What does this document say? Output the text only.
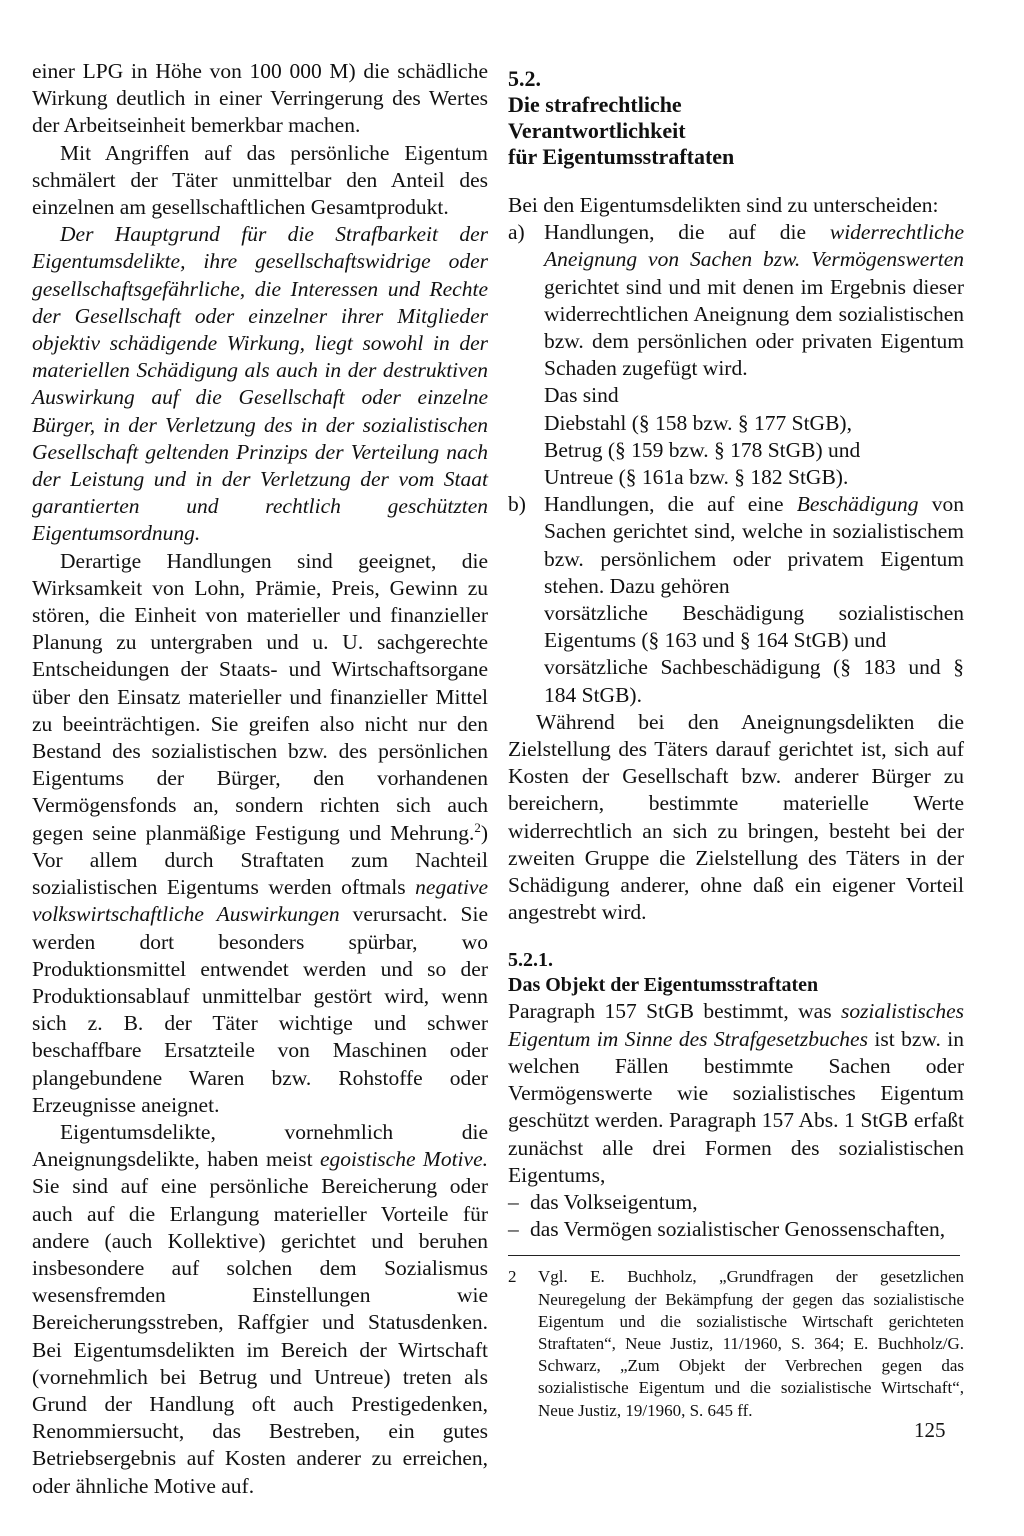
einer LPG in Höhe von 100 000 M) die schädliche Wirkung deutlich in einer Verringerung des Wertes der Arbeitseinheit bemerkbar machen.

Mit Angriffen auf das persönliche Eigentum schmälert der Täter unmittelbar den Anteil des einzelnen am gesellschaftlichen Gesamtprodukt.

Der Hauptgrund für die Strafbarkeit der Eigentumsdelikte, ihre gesellschaftswidrige oder gesellschaftsgefährliche, die Interessen und Rechte der Gesellschaft oder einzelner ihrer Mitglieder objektiv schädigende Wirkung, liegt sowohl in der materiellen Schädigung als auch in der destruktiven Auswirkung auf die Gesellschaft oder einzelne Bürger, in der Verletzung des in der sozialistischen Gesellschaft geltenden Prinzips der Verteilung nach der Leistung und in der Verletzung der vom Staat garantierten und rechtlich geschützten Eigentumsordnung.

Derartige Handlungen sind geeignet, die Wirksamkeit von Lohn, Prämie, Preis, Gewinn zu stören, die Einheit von materieller und finanzieller Planung zu untergraben und u. U. sachgerechte Entscheidungen der Staats- und Wirtschaftsorgane über den Einsatz materieller und finanzieller Mittel zu beeinträchtigen. Sie greifen also nicht nur den Bestand des sozialistischen bzw. des persönlichen Eigentums der Bürger, den vorhandenen Vermögensfonds an, sondern richten sich auch gegen seine planmäßige Festigung und Mehrung.$^2$) Vor allem durch Straftaten zum Nachteil sozialistischen Eigentums werden oftmals negative volkswirtschaftliche Auswirkungen verursacht. Sie werden dort besonders spürbar, wo Produktionsmittel entwendet werden und so der Produktionsablauf unmittelbar gestört wird, wenn sich z. B. der Täter wichtige und schwer beschaffbare Ersatzteile von Maschinen oder plangebundene Waren bzw. Rohstoffe oder Erzeugnisse aneignet.

Eigentumsdelikte, vornehmlich die Aneignungsdelikte, haben meist egoistische Motive. Sie sind auf eine persönliche Bereicherung oder auch auf die Erlangung materieller Vorteile für andere (auch Kollektive) gerichtet und beruhen insbesondere auf solchen dem Sozialismus wesensfremden Einstellungen wie Bereicherungsstreben, Raffgier und Statusdenken. Bei Eigentumsdelikten im Bereich der Wirtschaft (vornehmlich bei Betrug und Untreue) treten als Grund der Handlung oft auch Prestigedenken, Renommiersucht, das Bestreben, ein gutes Betriebsergebnis auf Kosten anderer zu erreichen, oder ähnliche Motive auf.

5.2.
Die strafrechtliche
Verantwortlichkeit
für Eigentumsstraftaten

Bei den Eigentumsdelikten sind zu unterscheiden:

a) Handlungen, die auf die widerrechtliche Aneignung von Sachen bzw. Vermögenswerten gerichtet sind und mit denen im Ergebnis dieser widerrechtlichen Aneignung dem sozialistischen bzw. dem persönlichen oder privaten Eigentum Schaden zugefügt wird.

Das sind

Diebstahl (§ 158 bzw. § 177 StGB),

Betrug (§ 159 bzw. § 178 StGB) und

Untreue (§ 161a bzw. § 182 StGB).

b) Handlungen, die auf eine Beschädigung von Sachen gerichtet sind, welche in sozialistischem bzw. persönlichem oder privatem Eigentum stehen. Dazu gehören

vorsätzliche Beschädigung sozialistischen Eigentums (§ 163 und § 164 StGB) und

vorsätzliche Sachbeschädigung (§ 183 und § 184 StGB).

Während bei den Aneignungsdelikten die Zielstellung des Täters darauf gerichtet ist, sich auf Kosten der Gesellschaft bzw. anderer Bürger zu bereichern, bestimmte materielle Werte widerrechtlich an sich zu bringen, besteht bei der zweiten Gruppe die Zielstellung des Täters in der Schädigung anderer, ohne daß ein eigener Vorteil angestrebt wird.

5.2.1.
Das Objekt der Eigentumsstraftaten

Paragraph 157 StGB bestimmt, was sozialistisches Eigentum im Sinne des Strafgesetzbuches ist bzw. in welchen Fällen bestimmte Sachen oder Vermögenswerte wie sozialistisches Eigentum geschützt werden. Paragraph 157 Abs. 1 StGB erfaßt zunächst alle drei Formen des sozialistischen Eigentums,

– das Volkseigentum,

– das Vermögen sozialistischer Genossenschaften,

2	Vgl. E. Buchholz, „Grundfragen der gesetzlichen Neuregelung der Bekämpfung der gegen das sozialistische Eigentum und die sozialistische Wirtschaft gerichteten Straftaten“, Neue Justiz, 11/1960, S. 364; E. Buchholz/G. Schwarz, „Zum Objekt der Verbrechen gegen das sozialistische Eigentum und die sozialistische Wirtschaft“, Neue Justiz, 19/1960, S. 645 ff.

125
